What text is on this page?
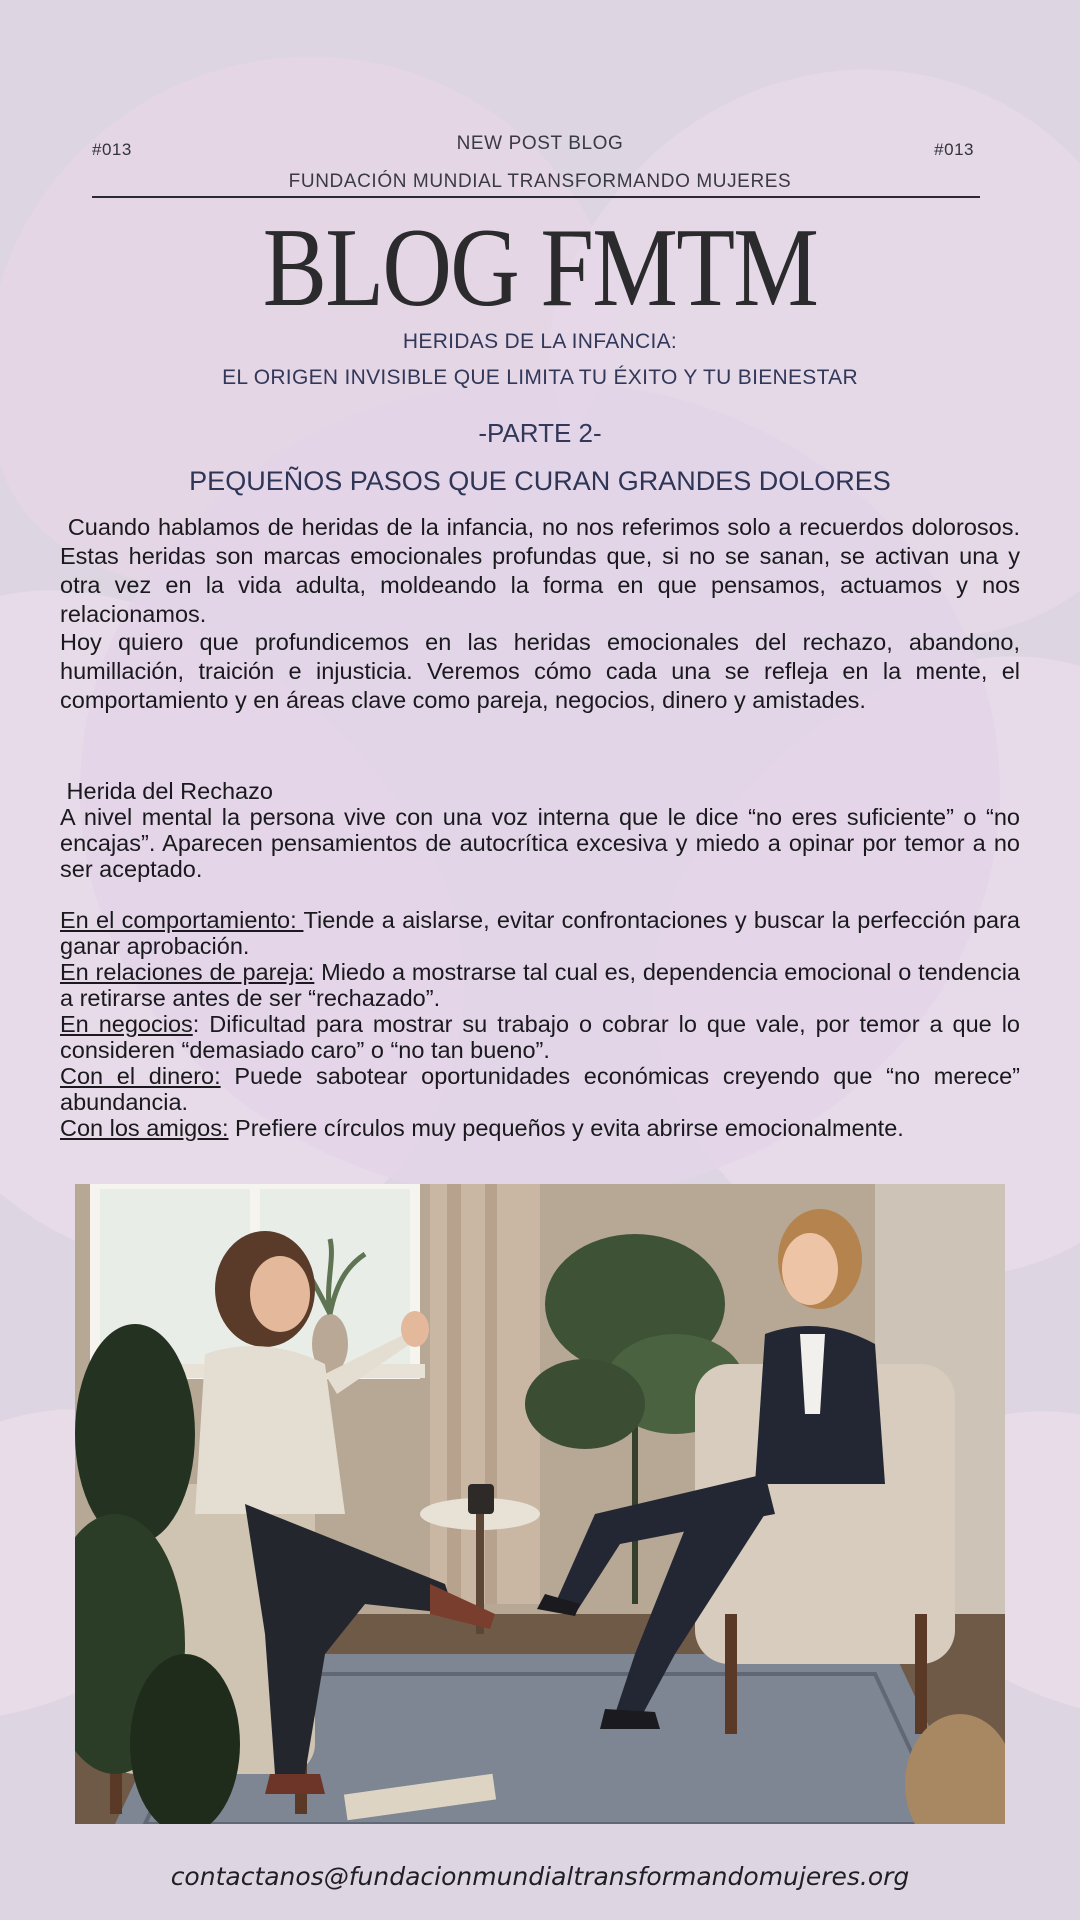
#013	#013
NEW POST BLOG
FUNDACIÓN MUNDIAL TRANSFORMANDO MUJERES
BLOG FMTM
HERIDAS DE LA INFANCIA:
EL ORIGEN INVISIBLE QUE LIMITA TU ÉXITO Y TU BIENESTAR
-PARTE 2-
PEQUEÑOS PASOS QUE CURAN GRANDES DOLORES

Cuando hablamos de heridas de la infancia, no nos referimos solo a recuerdos dolorosos. Estas heridas son marcas emocionales profundas que, si no se sanan, se activan una y otra vez en la vida adulta, moldeando la forma en que pensamos, actuamos y nos relacionamos.

Hoy quiero que profundicemos en las heridas emocionales del rechazo, abandono, humillación, traición e injusticia. Veremos cómo cada una se refleja en la mente, el comportamiento y en áreas clave como pareja, negocios, dinero y amistades.

Herida del Rechazo

A nivel mental la persona vive con una voz interna que le dice “no eres suficiente” o “no encajas”. Aparecen pensamientos de autocrítica excesiva y miedo a opinar por temor a no ser aceptado.

En el comportamiento: Tiende a aislarse, evitar confrontaciones y buscar la perfección para ganar aprobación.

En relaciones de pareja: Miedo a mostrarse tal cual es, dependencia emocional o tendencia a retirarse antes de ser “rechazado”.

En negocios: Dificultad para mostrar su trabajo o cobrar lo que vale, por temor a que lo consideren “demasiado caro” o “no tan bueno”.

Con el dinero: Puede sabotear oportunidades económicas creyendo que “no merece” abundancia.

Con los amigos: Prefiere círculos muy pequeños y evita abrirse emocionalmente.

contactanos@fundacionmundialtransformandomujeres.org
